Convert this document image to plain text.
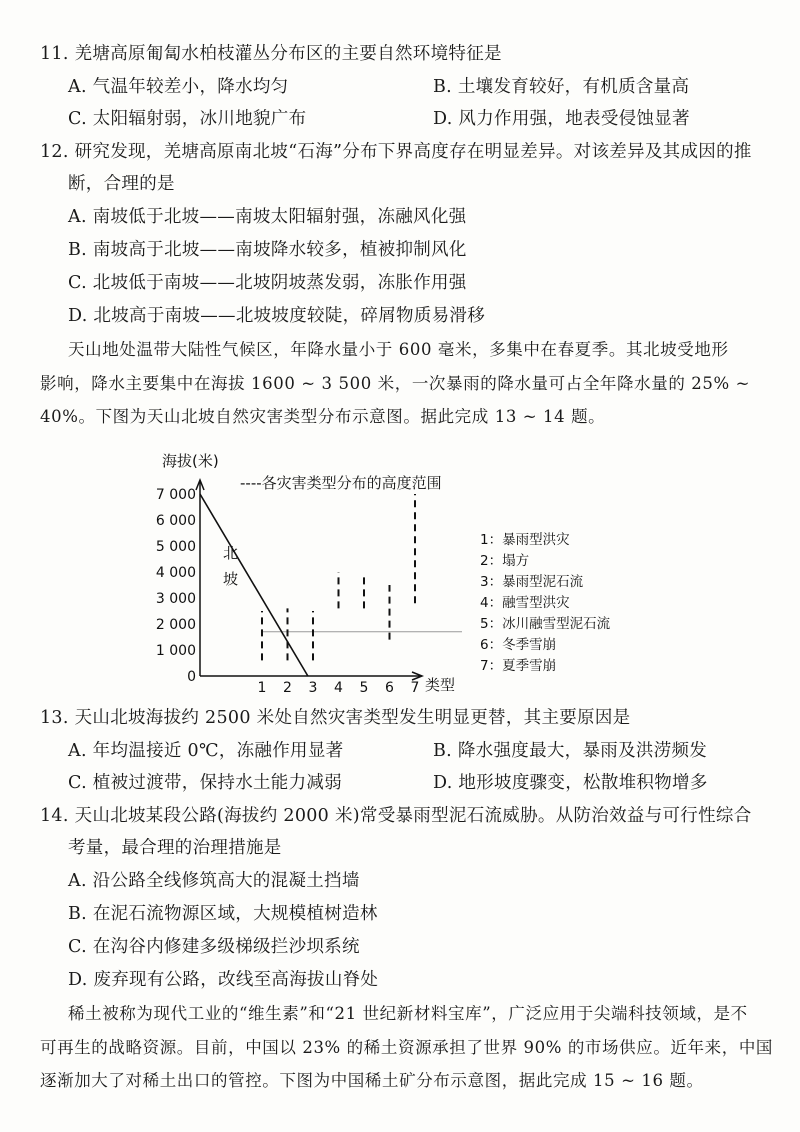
11. 羌塘高原匍匐水柏枝灌丛分布区的主要自然环境特征是
A. 气温年较差小，降水均匀	B. 土壤发育较好，有机质含量高
C. 太阳辐射弱，冰川地貌广布	D. 风力作用强，地表受侵蚀显著
12. 研究发现，羌塘高原南北坡“石海”分布下界高度存在明显差异。对该差异及其成因的推
断，合理的是
A. 南坡低于北坡——南坡太阳辐射强，冻融风化强
B. 南坡高于北坡——南坡降水较多，植被抑制风化
C. 北坡低于南坡——北坡阴坡蒸发弱，冻胀作用强
D. 北坡高于南坡——北坡坡度较陡，碎屑物质易滑移
天山地处温带大陆性气候区，年降水量小于 600 毫米，多集中在春夏季。其北坡受地形
影响，降水主要集中在海拔 1600 ~ 3 500 米，一次暴雨的降水量可占全年降水量的 25% ~
40%。下图为天山北坡自然灾害类型分布示意图。据此完成 13 ~ 14 题。
海拔(米)
----各灾害类型分布的高度范围
类型
北
坡
7 000
6 000
5 000
4 000
3 000
2 000
1 000
0
1 2 3 4 5 6 7
1：暴雨型洪灾
2：塌方
3：暴雨型泥石流
4：融雪型洪灾
5：冰川融雪型泥石流
6：冬季雪崩
7：夏季雪崩
13. 天山北坡海拔约 2500 米处自然灾害类型发生明显更替，其主要原因是
A. 年均温接近 0℃，冻融作用显著	B. 降水强度最大，暴雨及洪涝频发
C. 植被过渡带，保持水土能力减弱	D. 地形坡度骤变，松散堆积物增多
14. 天山北坡某段公路(海拔约 2000 米)常受暴雨型泥石流威胁。从防治效益与可行性综合
考量，最合理的治理措施是
A. 沿公路全线修筑高大的混凝土挡墙
B. 在泥石流物源区域，大规模植树造林
C. 在沟谷内修建多级梯级拦沙坝系统
D. 废弃现有公路，改线至高海拔山脊处
稀土被称为现代工业的“维生素”和“21 世纪新材料宝库”，广泛应用于尖端科技领域，是不
可再生的战略资源。目前，中国以 23% 的稀土资源承担了世界 90% 的市场供应。近年来，中国
逐渐加大了对稀土出口的管控。下图为中国稀土矿分布示意图，据此完成 15 ~ 16 题。
